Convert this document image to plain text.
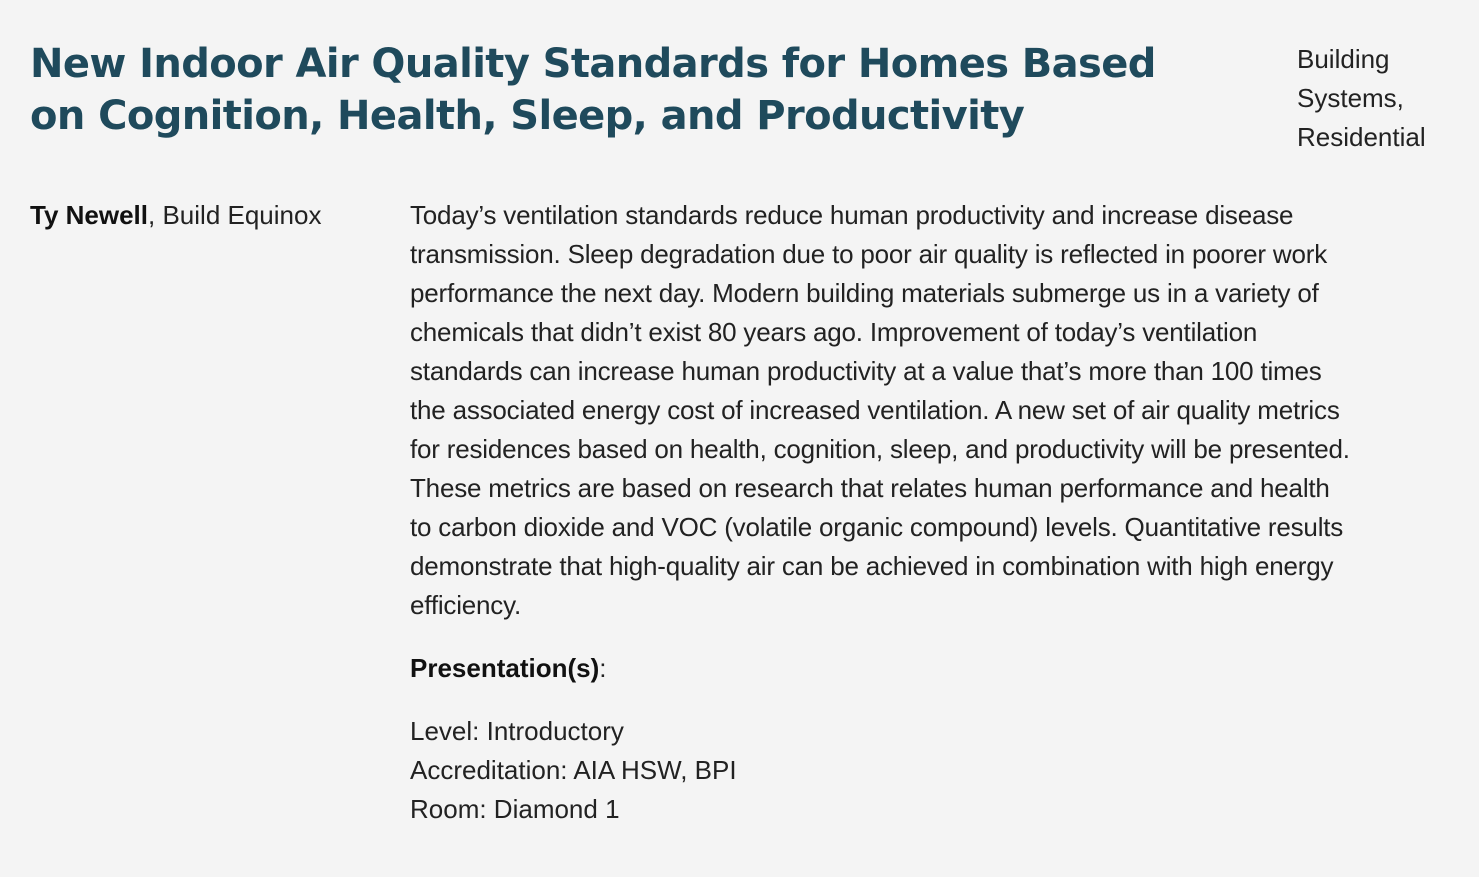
New Indoor Air Quality Standards for Homes Based on Cognition, Health, Sleep, and Productivity
Building
Systems,
Residential
Ty Newell, Build Equinox	Today’s ventilation standards reduce human productivity and increase disease transmission. Sleep degradation due to poor air quality is reflected in poorer work performance the next day. Modern building materials submerge us in a variety of chemicals that didn’t exist 80 years ago. Improvement of today’s ventilation standards can increase human productivity at a value that’s more than 100 times the associated energy cost of increased ventilation. A new set of air quality metrics for residences based on health, cognition, sleep, and productivity will be presented. These metrics are based on research that relates human performance and health to carbon dioxide and VOC (volatile organic compound) levels. Quantitative results demonstrate that high-quality air can be achieved in combination with high energy efficiency.

Presentation(s):

Level: Introductory
Accreditation: AIA HSW, BPI
Room: Diamond 1
